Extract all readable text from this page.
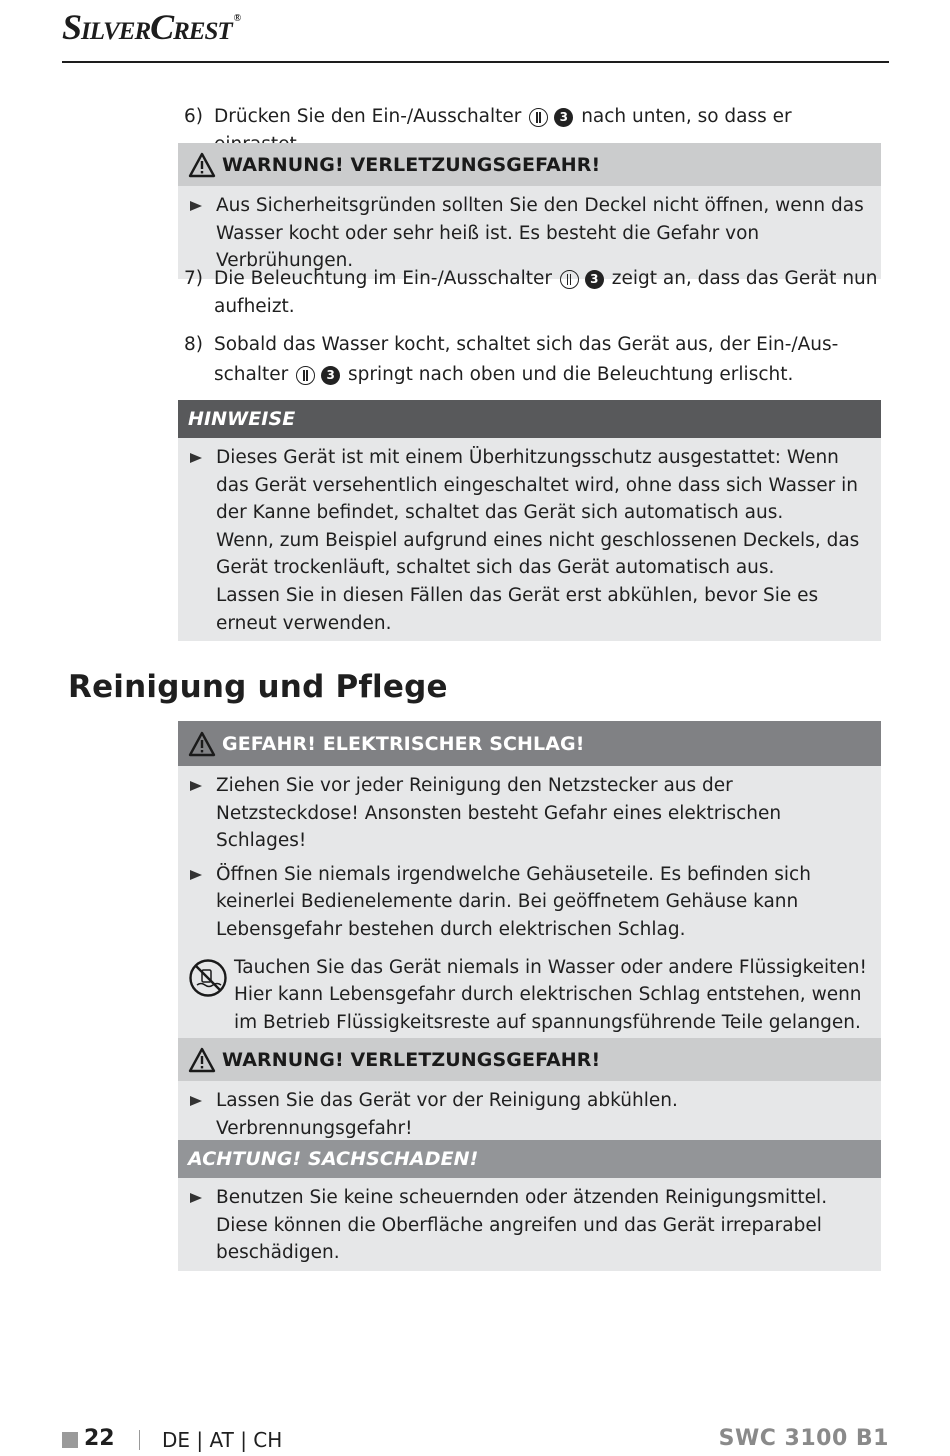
SilverCrest ®
6) Drücken Sie den Ein-/Ausschalter	3 nach unten, so dass er
WARNUNG! VERLETZUNGSGEFAHR!
Aus Sicherheitsgründen sollten Sie den Deckel nicht öffnen, wenn das Wasser kocht oder sehr heiß ist. Es besteht die Gefahr von Verbrühungen.
7) Die Beleuchtung im Ein-/Ausschalter	3 zeigt an, dass das Gerät nun aufheizt.
8) Sobald das Wasser kocht, schaltet sich das Gerät aus, der Ein-/Aus-schalter	3 springt nach oben und die Beleuchtung erlischt.
HINWEISE
Dieses Gerät ist mit einem Überhitzungsschutz ausgestattet: Wenn das Gerät versehentlich eingeschaltet wird, ohne dass sich Wasser in der Kanne befindet, schaltet das Gerät sich automatisch aus.
Wenn, zum Beispiel aufgrund eines nicht geschlossenen Deckels, das Gerät trockenläuft, schaltet sich das Gerät automatisch aus.
Lassen Sie in diesen Fällen das Gerät erst abkühlen, bevor Sie es erneut verwenden.
Reinigung und Pflege
GEFAHR! ELEKTRISCHER SCHLAG!
Ziehen Sie vor jeder Reinigung den Netzstecker aus der Netzsteckdose! Ansonsten besteht Gefahr eines elektrischen Schlages!
Öffnen Sie niemals irgendwelche Gehäuseteile. Es befinden sich keinerlei Bedienelemente darin. Bei geöffnetem Gehäuse kann Lebensgefahr bestehen durch elektrischen Schlag.
Tauchen Sie das Gerät niemals in Wasser oder andere Flüssigkeiten! Hier kann Lebensgefahr durch elektrischen Schlag entstehen, wenn im Betrieb Flüssigkeitsreste auf spannungsführende Teile gelangen.
WARNUNG! VERLETZUNGSGEFAHR!
Lassen Sie das Gerät vor der Reinigung abkühlen. Verbrennungsgefahr!
ACHTUNG! SACHSCHADEN!
Benutzen Sie keine scheuernden oder ätzenden Reinigungsmittel. Diese können die Oberfläche angreifen und das Gerät irreparabel beschädigen.
22 DE | AT | CH	SWC 3100 B1
